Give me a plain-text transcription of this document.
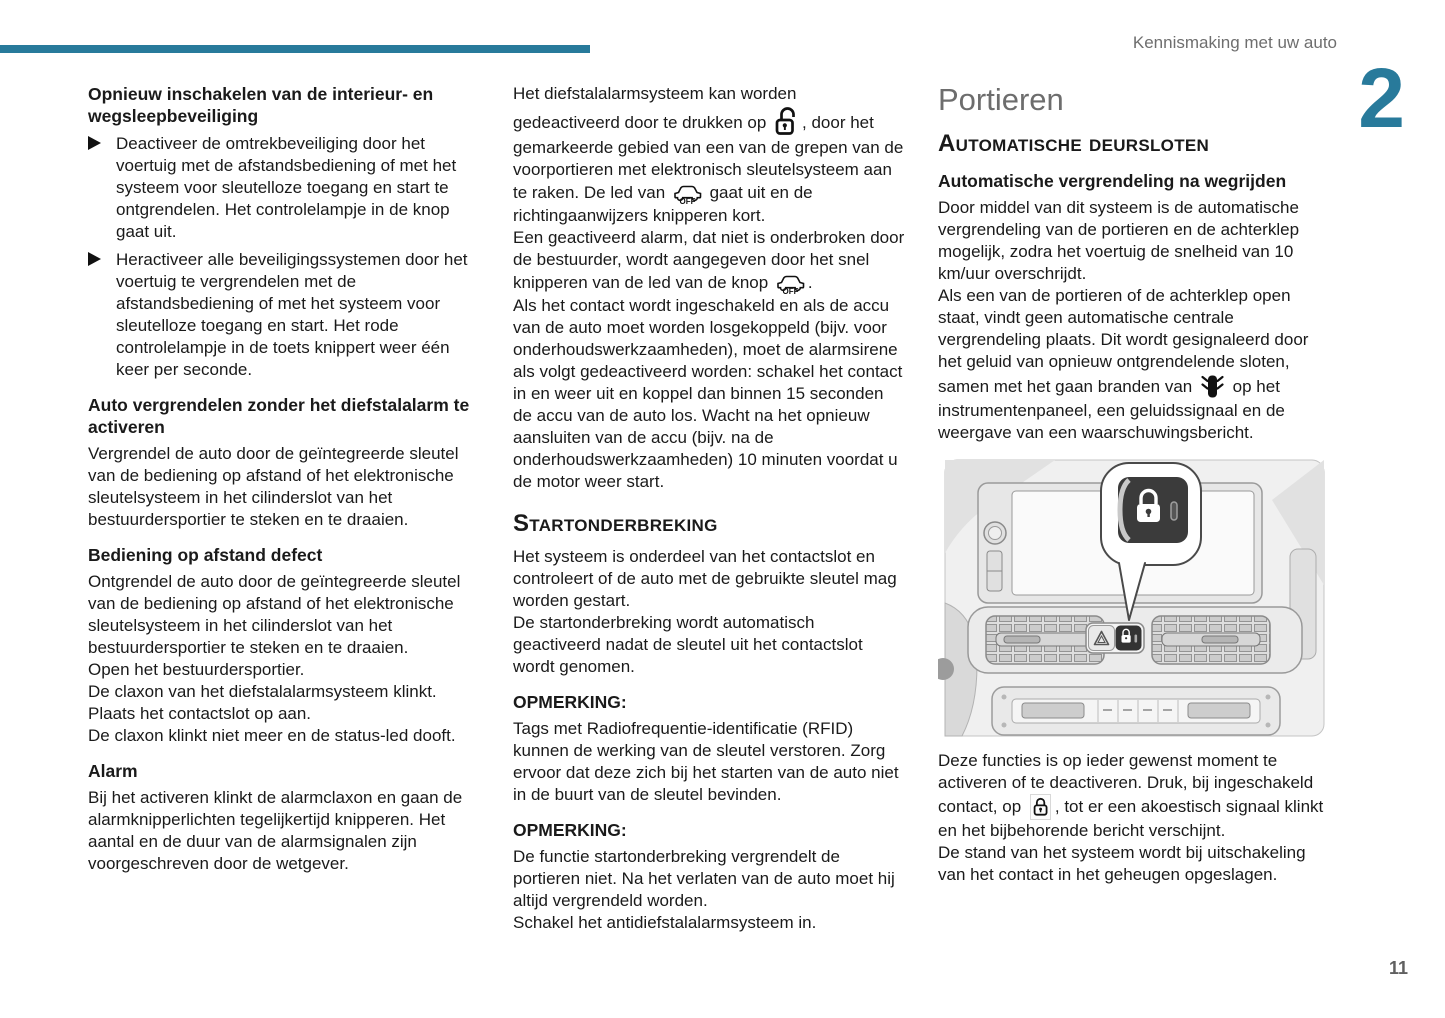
Kennismaking met uw auto
2
Opnieuw inschakelen van de interieur- en wegsleepbeveiliging
Deactiveer de omtrekbeveiliging door het voertuig met de afstandsbediening of met het systeem voor sleutelloze toegang en start te ontgrendelen. Het controlelampje in de knop gaat uit.
Heractiveer alle beveiligingssystemen door het voertuig te vergrendelen met de afstandsbediening of met het systeem voor sleutelloze toegang en start. Het rode controlelampje in de toets knippert weer één keer per seconde.
Auto vergrendelen zonder het diefstalalarm te activeren

Vergrendel de auto door de geïntegreerde sleutel van de bediening op afstand of het elektronische sleutelsysteem in het cilinderslot van het bestuurdersportier te steken en te draaien.

Bediening op afstand defect

Ontgrendel de auto door de geïntegreerde sleutel van de bediening op afstand of het elektronische sleutelsysteem in het cilinderslot van het bestuurdersportier te steken en te draaien.

Open het bestuurdersportier.

De claxon van het diefstalalarmsysteem klinkt.

Plaats het contactslot op aan.

De claxon klinkt niet meer en de status-led dooft.

Alarm

Bij het activeren klinkt de alarmclaxon en gaan de alarmknipperlichten tegelijkertijd knipperen. Het aantal en de duur van de alarmsignalen zijn voorgeschreven door de wetgever.

Het diefstalalarmsysteem kan worden gedeactiveerd door te drukken op , door het gemarkeerde gebied van een van de grepen van de voorportieren met elektronisch sleutelsysteem aan te raken. De led van OFF gaat uit en de richtingaanwijzers knipperen kort.

Een geactiveerd alarm, dat niet is onderbroken door de bestuurder, wordt aangegeven door het snel knipperen van de led van de knop OFF .

Als het contact wordt ingeschakeld en als de accu van de auto moet worden losgekoppeld (bijv. voor onderhoudswerkzaamheden), moet de alarmsirene als volgt gedeactiveerd worden: schakel het contact in en weer uit en koppel dan binnen 15 seconden de accu van de auto los. Wacht na het opnieuw aansluiten van de accu (bijv. na de onderhoudswerkzaamheden) 10 minuten voordat u de motor weer start.

Startonderbreking

Het systeem is onderdeel van het contactslot en controleert of de auto met de gebruikte sleutel mag worden gestart.

De startonderbreking wordt automatisch geactiveerd nadat de sleutel uit het contactslot wordt genomen.

OPMERKING:

Tags met Radiofrequentie-identificatie (RFID) kunnen de werking van de sleutel verstoren. Zorg ervoor dat deze zich bij het starten van de auto niet in de buurt van de sleutel bevinden.

OPMERKING:

De functie startonderbreking vergrendelt de portieren niet. Na het verlaten van de auto moet hij altijd vergrendeld worden.

Schakel het antidiefstalalarmsysteem in.

Portieren
Automatische deursloten
Automatische vergrendeling na wegrijden

Door middel van dit systeem is de automatische vergrendeling van de portieren en de achterklep mogelijk, zodra het voertuig de snelheid van 10 km/uur overschrijdt.

Als een van de portieren of de achterklep open staat, vindt geen automatische centrale vergrendeling plaats. Dit wordt gesignaleerd door het geluid van opnieuw ontgrendelende sloten, samen met het gaan branden van  op het instrumentenpaneel, een geluidssignaal en de weergave van een waarschuwingsbericht.

Deze functies is op ieder gewenst moment te activeren of te deactiveren. Druk, bij ingeschakeld contact, op , tot er een akoestisch signaal klinkt en het bijbehorende bericht verschijnt.

De stand van het systeem wordt bij uitschakeling van het contact in het geheugen opgeslagen.

11
